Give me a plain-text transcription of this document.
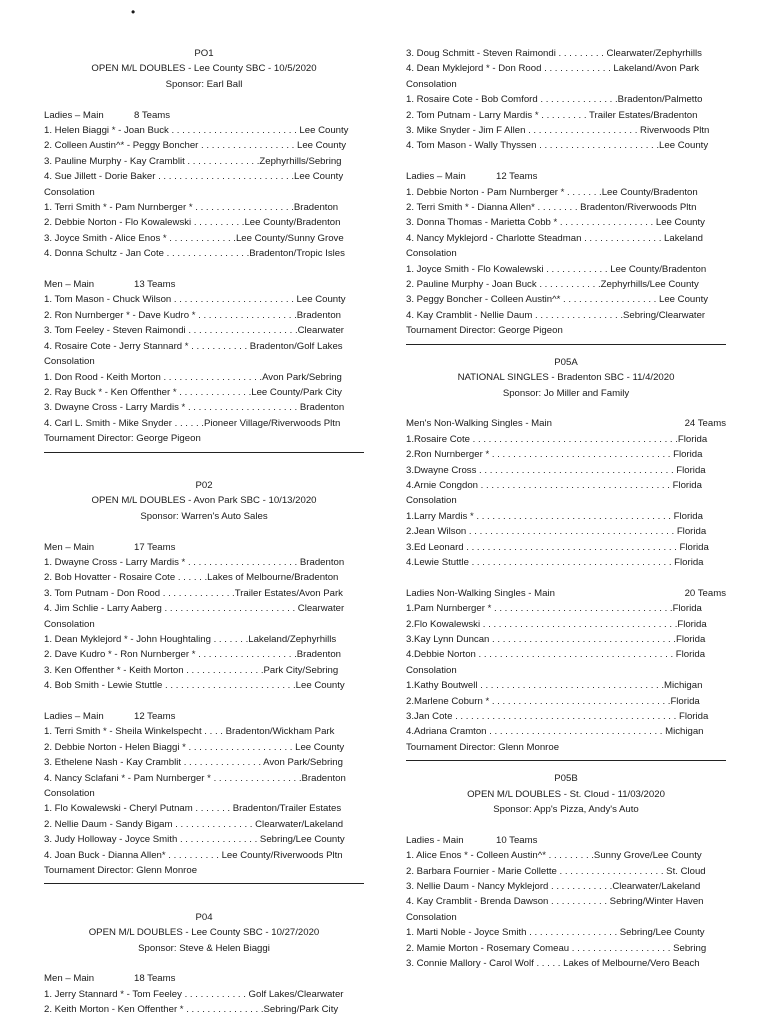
•
PO1
OPEN M/L DOUBLES - Lee County SBC - 10/5/2020
Sponsor: Earl Ball
Ladies – Main	8 Teams
1. Helen Biaggi * - Joan Buck . . . . . . . . . . . . . . . . . . . . . . . . Lee County
2. Colleen Austin^* - Peggy Boncher . . . . . . . . . . . . . . . . . . Lee County
3. Pauline Murphy - Kay Cramblit . . . . . . . . . . . . . .Zephyrhills/Sebring
4. Sue Jillett - Dorie Baker . . . . . . . . . . . . . . . . . . . . . . . . . .Lee County
Consolation
1. Terri Smith * - Pam Nurnberger * . . . . . . . . . . . . . . . . . . .Bradenton
2. Debbie Norton - Flo Kowalewski . . . . . . . . . .Lee County/Bradenton
3. Joyce Smith - Alice Enos * . . . . . . . . . . . . .Lee County/Sunny Grove
4. Donna Schultz - Jan Cote . . . . . . . . . . . . . . . .Bradenton/Tropic Isles
Men – Main	13 Teams
1. Tom Mason - Chuck Wilson . . . . . . . . . . . . . . . . . . . . . . . Lee County
2. Ron Nurnberger * - Dave Kudro * . . . . . . . . . . . . . . . . . . .Bradenton
3. Tom Feeley - Steven Raimondi . . . . . . . . . . . . . . . . . . . . .Clearwater
4. Rosaire Cote - Jerry Stannard * . . . . . . . . . . . Bradenton/Golf Lakes
Consolation
1. Don Rood - Keith Morton . . . . . . . . . . . . . . . . . . .Avon Park/Sebring
2. Ray Buck * - Ken Offenther * . . . . . . . . . . . . . .Lee County/Park City
3. Dwayne Cross - Larry Mardis * . . . . . . . . . . . . . . . . . . . . . Bradenton
4. Carl L. Smith - Mike Snyder . . . . . .Pioneer Village/Riverwoods Pltn
Tournament Director: George Pigeon
P02
OPEN M/L DOUBLES - Avon Park SBC - 10/13/2020
Sponsor: Warren's Auto Sales
Men – Main	17 Teams
1. Dwayne Cross - Larry Mardis * . . . . . . . . . . . . . . . . . . . . . Bradenton
2. Bob Hovatter - Rosaire Cote . . . . . .Lakes of Melbourne/Bradenton
3. Tom Putnam - Don Rood . . . . . . . . . . . . . .Trailer Estates/Avon Park
4. Jim Schlie - Larry Aaberg . . . . . . . . . . . . . . . . . . . . . . . . . Clearwater
Consolation
1. Dean Myklejord * - John Houghtaling . . . . . . .Lakeland/Zephyrhills
2. Dave Kudro * - Ron Nurnberger * . . . . . . . . . . . . . . . . . . .Bradenton
3. Ken Offenther * - Keith Morton . . . . . . . . . . . . . . .Park City/Sebring
4. Bob Smith - Lewie Stuttle . . . . . . . . . . . . . . . . . . . . . . . . .Lee County
Ladies – Main	12 Teams
1. Terri Smith * - Sheila Winkelspecht . . . . Bradenton/Wickham Park
2. Debbie Norton - Helen Biaggi * . . . . . . . . . . . . . . . . . . . . Lee County
3. Ethelene Nash - Kay Cramblit . . . . . . . . . . . . . . . Avon Park/Sebring
4. Nancy Sclafani * - Pam Nurnberger * . . . . . . . . . . . . . . . . .Bradenton
Consolation
1. Flo Kowalewski - Cheryl Putnam . . . . . . . Bradenton/Trailer Estates
2. Nellie Daum - Sandy Bigam . . . . . . . . . . . . . . . Clearwater/Lakeland
3. Judy Holloway - Joyce Smith . . . . . . . . . . . . . . . Sebring/Lee County
4. Joan Buck - Dianna Allen* . . . . . . . . . . Lee County/Riverwoods Pltn
Tournament Director: Glenn Monroe
P04
OPEN M/L DOUBLES - Lee County SBC - 10/27/2020
Sponsor: Steve & Helen Biaggi
Men – Main	18 Teams
1. Jerry Stannard * - Tom Feeley . . . . . . . . . . . . Golf Lakes/Clearwater
2. Keith Morton - Ken Offenther * . . . . . . . . . . . . . . .Sebring/Park City
3. Doug Schmitt - Steven Raimondi . . . . . . . . . Clearwater/Zephyrhills
4. Dean Myklejord * - Don Rood . . . . . . . . . . . . . Lakeland/Avon Park
Consolation
1. Rosaire Cote - Bob Comford . . . . . . . . . . . . . . .Bradenton/Palmetto
2. Tom Putnam - Larry Mardis * . . . . . . . . . Trailer Estates/Bradenton
3. Mike Snyder - Jim F Allen . . . . . . . . . . . . . . . . . . . . . Riverwoods Pltn
4. Tom Mason - Wally Thyssen . . . . . . . . . . . . . . . . . . . . . . .Lee County
Ladies – Main	12 Teams
1. Debbie Norton - Pam Nurnberger * . . . . . . .Lee County/Bradenton
2. Terri Smith * - Dianna Allen* . . . . . . . . Bradenton/Riverwoods Pltn
3. Donna Thomas - Marietta Cobb * . . . . . . . . . . . . . . . . . . Lee County
4. Nancy Myklejord - Charlotte Steadman . . . . . . . . . . . . . . . Lakeland
Consolation
1. Joyce Smith - Flo Kowalewski . . . . . . . . . . . . Lee County/Bradenton
2. Pauline Murphy - Joan Buck . . . . . . . . . . . .Zephyrhills/Lee County
3. Peggy Boncher - Colleen Austin^* . . . . . . . . . . . . . . . . . . Lee County
4. Kay Cramblit - Nellie Daum . . . . . . . . . . . . . . . . .Sebring/Clearwater
Tournament Director: George Pigeon
P05A
NATIONAL SINGLES - Bradenton SBC - 11/4/2020
Sponsor: Jo Miller and Family
Men's Non-Walking Singles - Main	24 Teams
1.Rosaire Cote . . . . . . . . . . . . . . . . . . . . . . . . . . . . . . . . . . . . . . .Florida
2.Ron Nurnberger * . . . . . . . . . . . . . . . . . . . . . . . . . . . . . . . . . . Florida
3.Dwayne Cross . . . . . . . . . . . . . . . . . . . . . . . . . . . . . . . . . . . . . Florida
4.Arnie Congdon . . . . . . . . . . . . . . . . . . . . . . . . . . . . . . . . . . . . Florida
Consolation
1.Larry Mardis * . . . . . . . . . . . . . . . . . . . . . . . . . . . . . . . . . . . . . Florida
2.Jean Wilson . . . . . . . . . . . . . . . . . . . . . . . . . . . . . . . . . . . . . . . Florida
3.Ed Leonard . . . . . . . . . . . . . . . . . . . . . . . . . . . . . . . . . . . . . . . . Florida
4.Lewie Stuttle . . . . . . . . . . . . . . . . . . . . . . . . . . . . . . . . . . . . . . Florida
Ladies Non-Walking Singles - Main	20 Teams
1.Pam Nurnberger * . . . . . . . . . . . . . . . . . . . . . . . . . . . . . . . . . .Florida
2.Flo Kowalewski . . . . . . . . . . . . . . . . . . . . . . . . . . . . . . . . . . . . .Florida
3.Kay Lynn Duncan . . . . . . . . . . . . . . . . . . . . . . . . . . . . . . . . . . .Florida
4.Debbie Norton . . . . . . . . . . . . . . . . . . . . . . . . . . . . . . . . . . . . . Florida
Consolation
1.Kathy Boutwell . . . . . . . . . . . . . . . . . . . . . . . . . . . . . . . . . . .Michigan
2.Marlene Coburn * . . . . . . . . . . . . . . . . . . . . . . . . . . . . . . . . . .Florida
3.Jan Cote . . . . . . . . . . . . . . . . . . . . . . . . . . . . . . . . . . . . . . . . . . Florida
4.Adriana Cramton . . . . . . . . . . . . . . . . . . . . . . . . . . . . . . . . . Michigan
Tournament Director: Glenn Monroe
P05B
OPEN M/L DOUBLES - St. Cloud - 11/03/2020
Sponsor: App's Pizza, Andy's Auto
Ladies - Main	10 Teams
1. Alice Enos * - Colleen Austin^* . . . . . . . . .Sunny Grove/Lee County
2. Barbara Fournier - Marie Collette . . . . . . . . . . . . . . . . . . . . St. Cloud
3. Nellie Daum - Nancy Myklejord . . . . . . . . . . . .Clearwater/Lakeland
4. Kay Cramblit - Brenda Dawson . . . . . . . . . . . Sebring/Winter Haven
Consolation
1. Marti Noble - Joyce Smith . . . . . . . . . . . . . . . . . Sebring/Lee County
2. Mamie Morton - Rosemary Comeau . . . . . . . . . . . . . . . . . . . Sebring
3. Connie Mallory - Carol Wolf . . . . . Lakes of Melbourne/Vero Beach
